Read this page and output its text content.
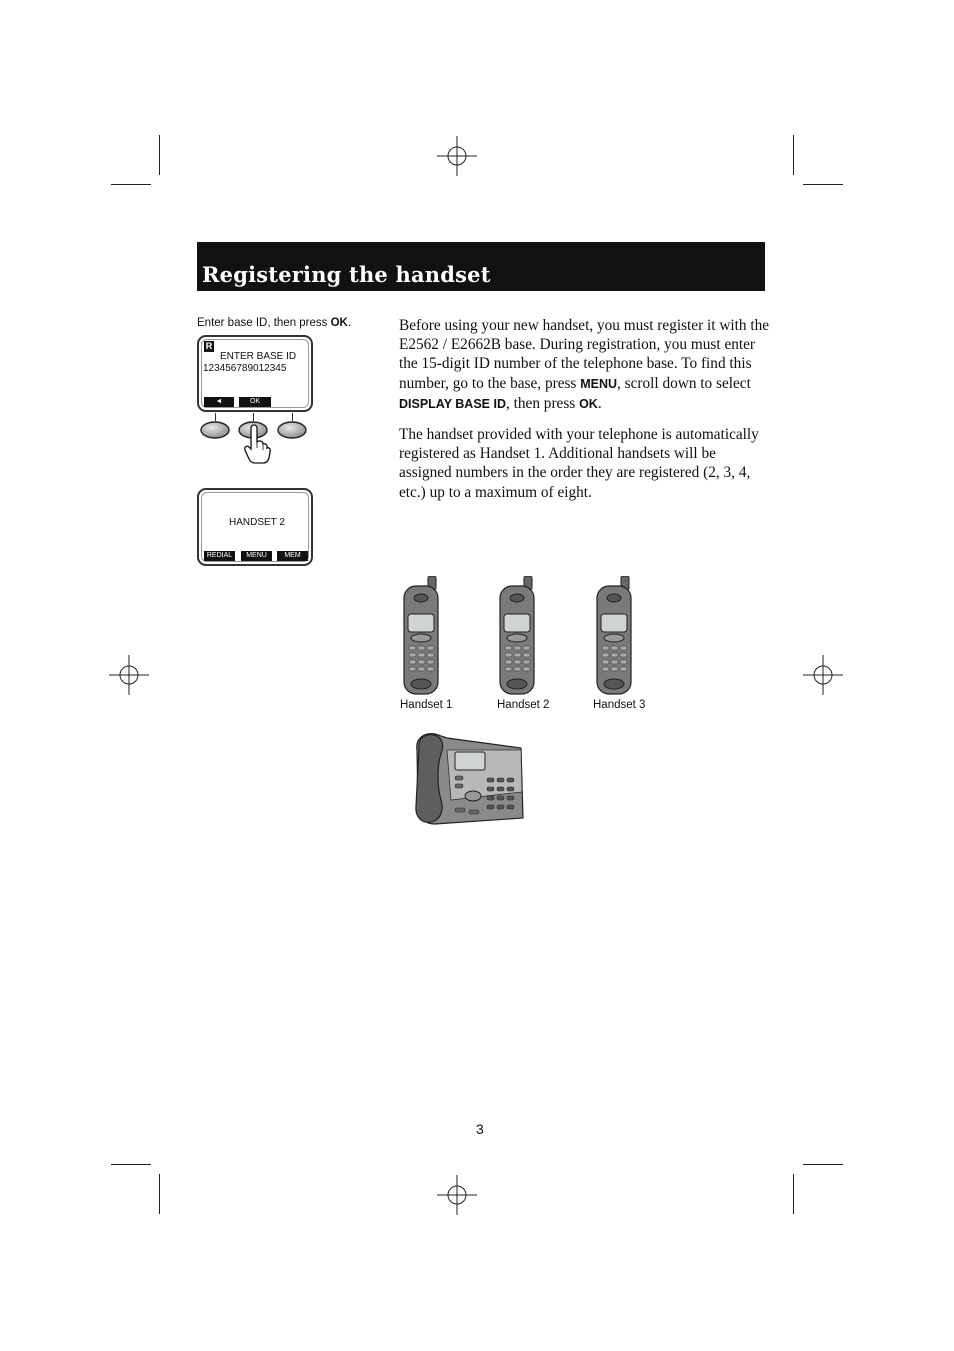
Registering the handset
Enter base ID, then press OK.
R
ENTER BASE ID
123456789012345
◄	OK
HANDSET 2
REDIAL	MENU	MEM

Before using your new handset, you must register it with the E2562 / E2662B base. During registration, you must enter the 15-digit ID number of the telephone base. To find this number, go to the base, press MENU, scroll down to select DISPLAY BASE ID, then press OK.

The handset provided with your telephone is automatically registered as Handset 1. Additional handsets will be assigned numbers in the order they are registered (2, 3, 4, etc.) up to a maximum of eight.

Handset 1	Handset 2	Handset 3
3
